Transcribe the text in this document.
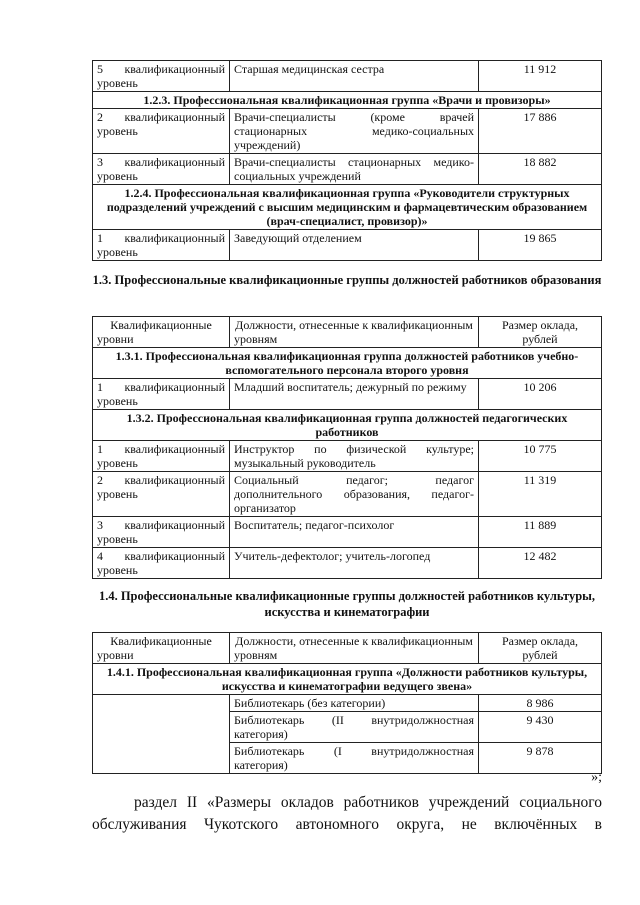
5 квалификационный уровень	Старшая медицинская сестра	11 912
1.2.3. Профессиональная квалификационная группа «Врачи и провизоры»		
2 квалификационный уровень	Врачи-специалисты (кроме врачей стационарных медико-социальных учреждений)	17 886
3 квалификационный уровень	Врачи-специалисты стационарных медико-социальных учреждений	18 882
1.2.4. Профессиональная квалификационная группа «Руководители структурных подразделений учреждений с высшим медицинским и фармацевтическим образованием (врач-специалист, провизор)»		
1 квалификационный уровень	Заведующий отделением	19 865
1.3. Профессиональные квалификационные группы должностей работников образования
Квалификационные уровни	Должности, отнесенные к квалификационным уровням	Размер оклада, рублей
1.3.1. Профессиональная квалификационная группа должностей работников учебно-вспомогательного персонала второго уровня		
1 квалификационный уровень	Младший воспитатель; дежурный по режиму	10 206
1.3.2. Профессиональная квалификационная группа должностей педагогических работников		
1 квалификационный уровень	Инструктор по физической культуре; музыкальный руководитель	10 775
2 квалификационный уровень	Социальный педагог; педагог дополнительного образования, педагог-организатор	11 319
3 квалификационный уровень	Воспитатель; педагог-психолог	11 889
4 квалификационный уровень	Учитель-дефектолог; учитель-логопед	12 482
1.4. Профессиональные квалификационные группы должностей работников культуры, искусства и кинематографии
Квалификационные уровни	Должности, отнесенные к квалификационным уровням	Размер оклада, рублей
1.4.1. Профессиональная квалификационная группа «Должности работников культуры, искусства и кинематографии ведущего звена»		
	Библиотекарь (без категории)	8 986
	Библиотекарь (II внутридолжностная категория)	9 430
	Библиотекарь (I внутридолжностная категория)	9 878
»;
раздел II «Размеры окладов работников учреждений социального
обслуживания Чукотского автономного округа, не включённых в
